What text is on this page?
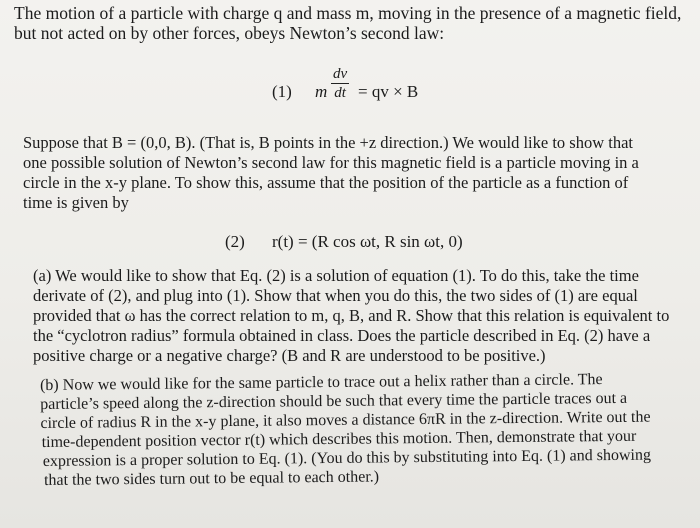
The motion of a particle with charge q and mass m, moving in the presence of a magnetic field,
but not acted on by other forces, obeys Newton’s second law:
(1) m $\frac{dv}{dt}$ = qv × B
Suppose that B = (0,0, B). (That is, B points in the +z direction.) We would like to show that
one possible solution of Newton’s second law for this magnetic field is a particle moving in a
circle in the x-y plane. To show this, assume that the position of the particle as a function of
time is given by
(2) r(t) = (R cos ωt, R sin ωt, 0)
(a) We would like to show that Eq. (2) is a solution of equation (1). To do this, take the time
derivate of (2), and plug into (1). Show that when you do this, the two sides of (1) are equal
provided that ω has the correct relation to m, q, B, and R. Show that this relation is equivalent to
the “cyclotron radius” formula obtained in class. Does the particle described in Eq. (2) have a
positive charge or a negative charge? (B and R are understood to be positive.)
(b) Now we would like for the same particle to trace out a helix rather than a circle. The
particle’s speed along the z-direction should be such that every time the particle traces out a
circle of radius R in the x-y plane, it also moves a distance 6πR in the z-direction. Write out the
time-dependent position vector r(t) which describes this motion. Then, demonstrate that your
expression is a proper solution to Eq. (1). (You do this by substituting into Eq. (1) and showing
that the two sides turn out to be equal to each other.)
